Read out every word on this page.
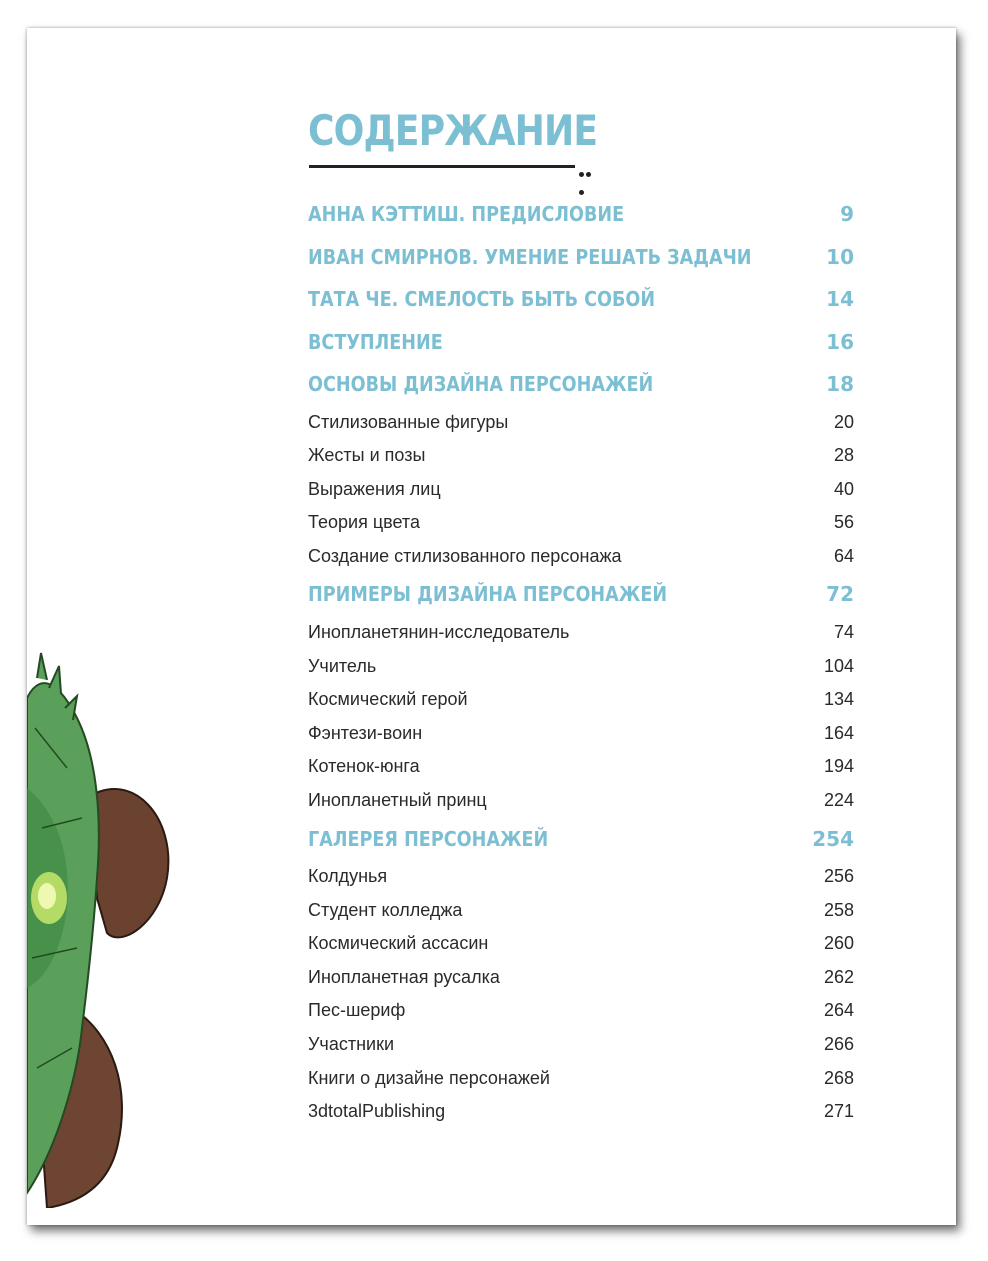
СОДЕРЖАНИЕ
АННА КЭТТИШ. ПРЕДИСЛОВИЕ	9
ИВАН СМИРНОВ. УМЕНИЕ РЕШАТЬ ЗАДАЧИ	10
ТАТА ЧЕ. СМЕЛОСТЬ БЫТЬ СОБОЙ	14
ВСТУПЛЕНИЕ	16
ОСНОВЫ ДИЗАЙНА ПЕРСОНАЖЕЙ	18
Стилизованные фигуры	20
Жесты и позы	28
Выражения лиц	40
Теория цвета	56
Создание стилизованного персонажа	64
ПРИМЕРЫ ДИЗАЙНА ПЕРСОНАЖЕЙ	72
Инопланетянин-исследователь	74
Учитель	104
Космический герой	134
Фэнтези-воин	164
Котенок-юнга	194
Инопланетный принц	224
ГАЛЕРЕЯ ПЕРСОНАЖЕЙ	254
Колдунья	256
Студент колледжа	258
Космический ассасин	260
Инопланетная русалка	262
Пес-шериф	264
Участники	266
Книги о дизайне персонажей	268
3dtotalPublishing	271
